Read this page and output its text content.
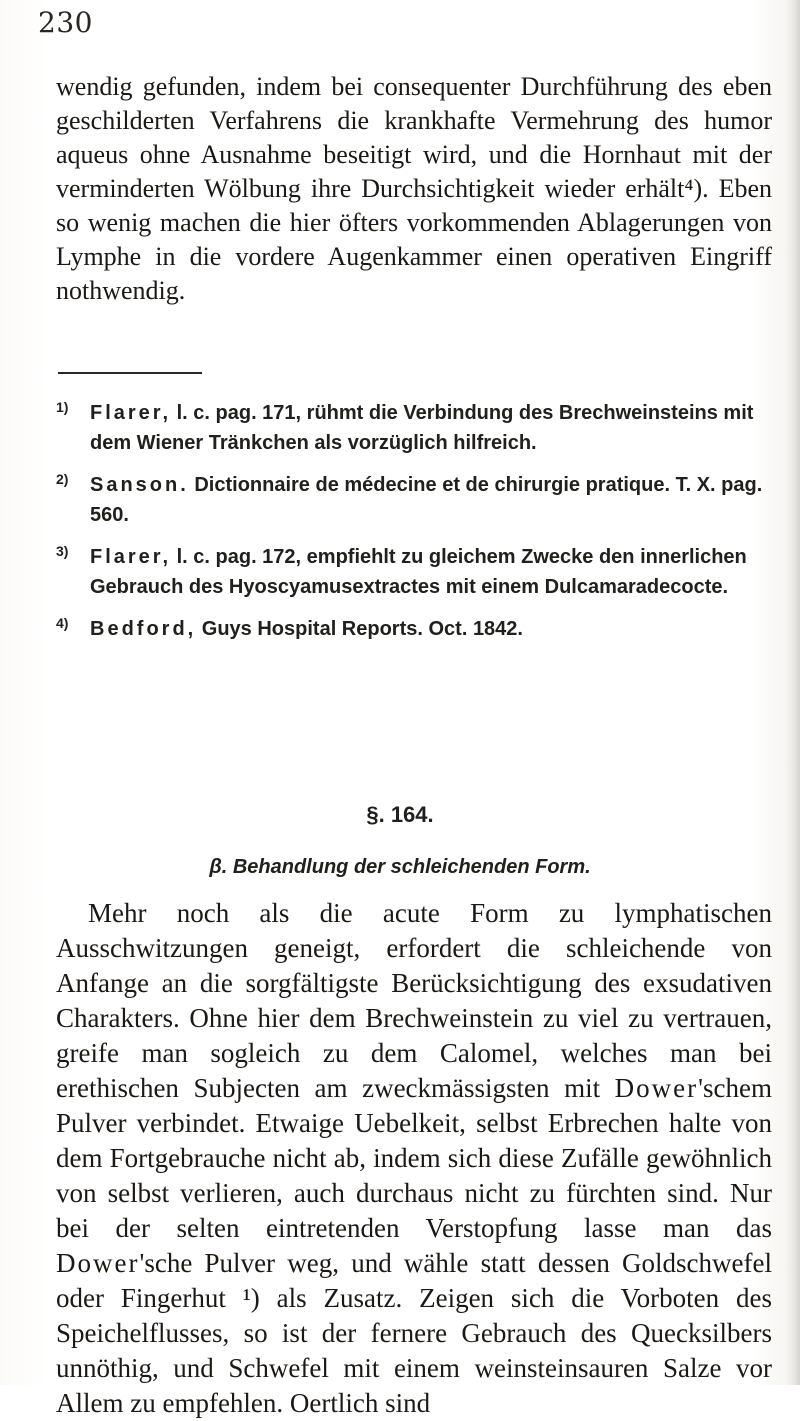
230

wendig gefunden, indem bei consequenter Durchführung des eben geschilderten Verfahrens die krankhafte Vermehrung des humor aqueus ohne Ausnahme beseitigt wird, und die Hornhaut mit der verminderten Wölbung ihre Durchsichtigkeit wieder erhält⁴). Eben so wenig machen die hier öfters vorkommenden Ablagerungen von Lymphe in die vordere Augenkammer einen operativen Eingriff nothwendig.

1) Flarer, l. c. pag. 171, rühmt die Verbindung des Brechweinsteins mit dem Wiener Tränkchen als vorzüglich hilfreich.
2) Sanson. Dictionnaire de médecine et de chirurgie pratique. T. X. pag. 560.
3) Flarer, l. c. pag. 172, empfiehlt zu gleichem Zwecke den innerlichen Gebrauch des Hyoscyamusextractes mit einem Dulcamaradecocte.
4) Bedford, Guys Hospital Reports. Oct. 1842.
§. 164.
β. Behandlung der schleichenden Form.

Mehr noch als die acute Form zu lymphatischen Ausschwitzungen geneigt, erfordert die schleichende von Anfange an die sorgfältigste Berücksichtigung des exsudativen Charakters. Ohne hier dem Brechweinstein zu viel zu vertrauen, greife man sogleich zu dem Calomel, welches man bei erethischen Subjecten am zweckmässigsten mit Dower'schem Pulver verbindet. Etwaige Uebelkeit, selbst Erbrechen halte von dem Fortgebrauche nicht ab, indem sich diese Zufälle gewöhnlich von selbst verlieren, auch durchaus nicht zu fürchten sind. Nur bei der selten eintretenden Verstopfung lasse man das Dower'sche Pulver weg, und wähle statt dessen Goldschwefel oder Fingerhut ¹) als Zusatz. Zeigen sich die Vorboten des Speichelflusses, so ist der fernere Gebrauch des Quecksilbers unnöthig, und Schwefel mit einem weinsteinsauren Salze vor Allem zu empfehlen. Oertlich sind
